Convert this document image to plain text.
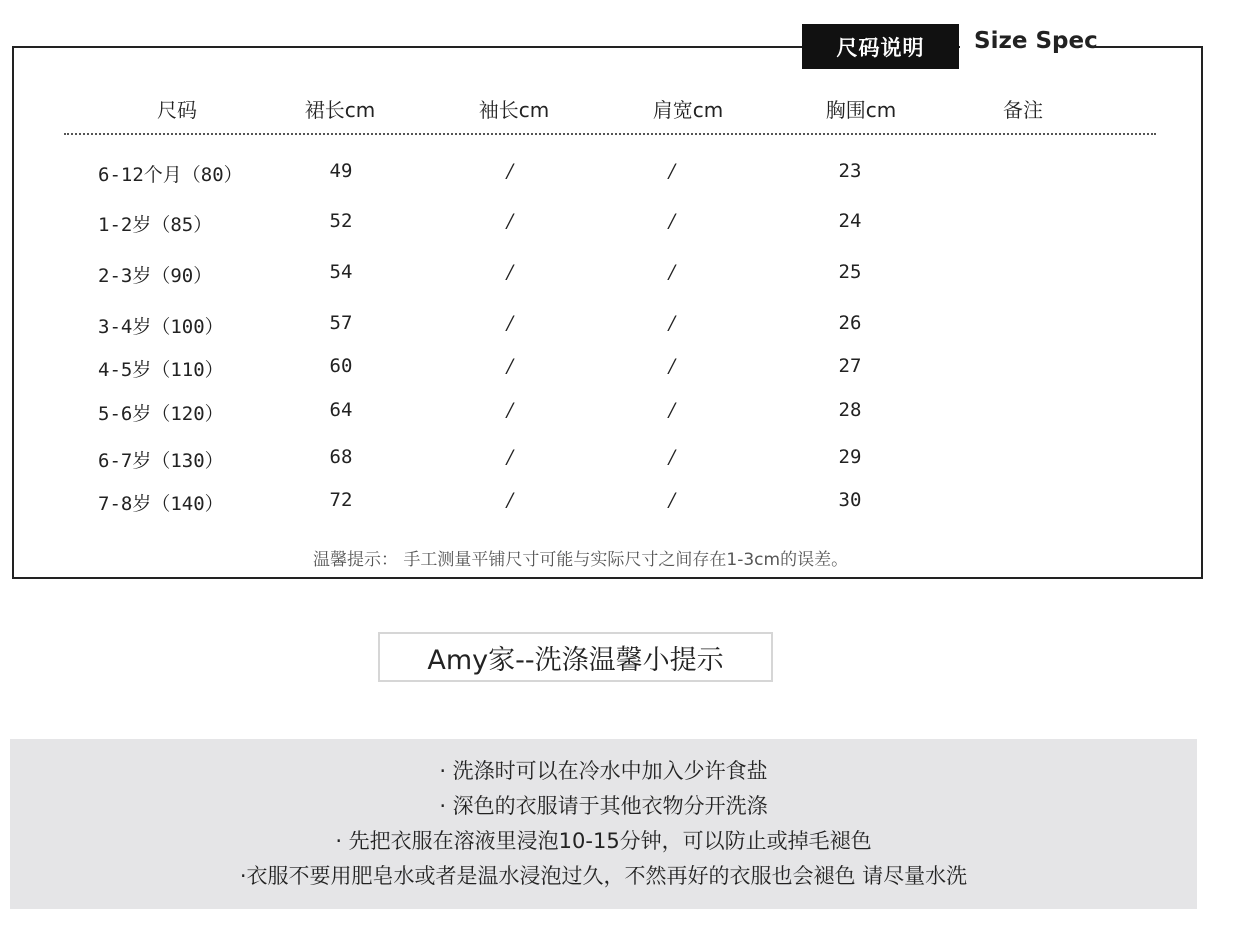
尺码说明	Size Spec
尺码	裙长cm	袖长cm	肩宽cm	胸围cm	备注
6-12个月（80）	49	/	/	23
1-2岁（85）	52	/	/	24
2-3岁（90）	54	/	/	25
3-4岁（100）	57	/	/	26
4-5岁（110）	60	/	/	27
5-6岁（120）	64	/	/	28
6-7岁（130）	68	/	/	29
7-8岁（140）	72	/	/	30
温馨提示： 手工测量平铺尺寸可能与实际尺寸之间存在1-3cm的误差。
Amy家--洗涤温馨小提示
· 洗涤时可以在冷水中加入少许食盐
· 深色的衣服请于其他衣物分开洗涤
· 先把衣服在溶液里浸泡10-15分钟，可以防止或掉毛褪色
·衣服不要用肥皂水或者是温水浸泡过久，不然再好的衣服也会褪色 请尽量水洗
